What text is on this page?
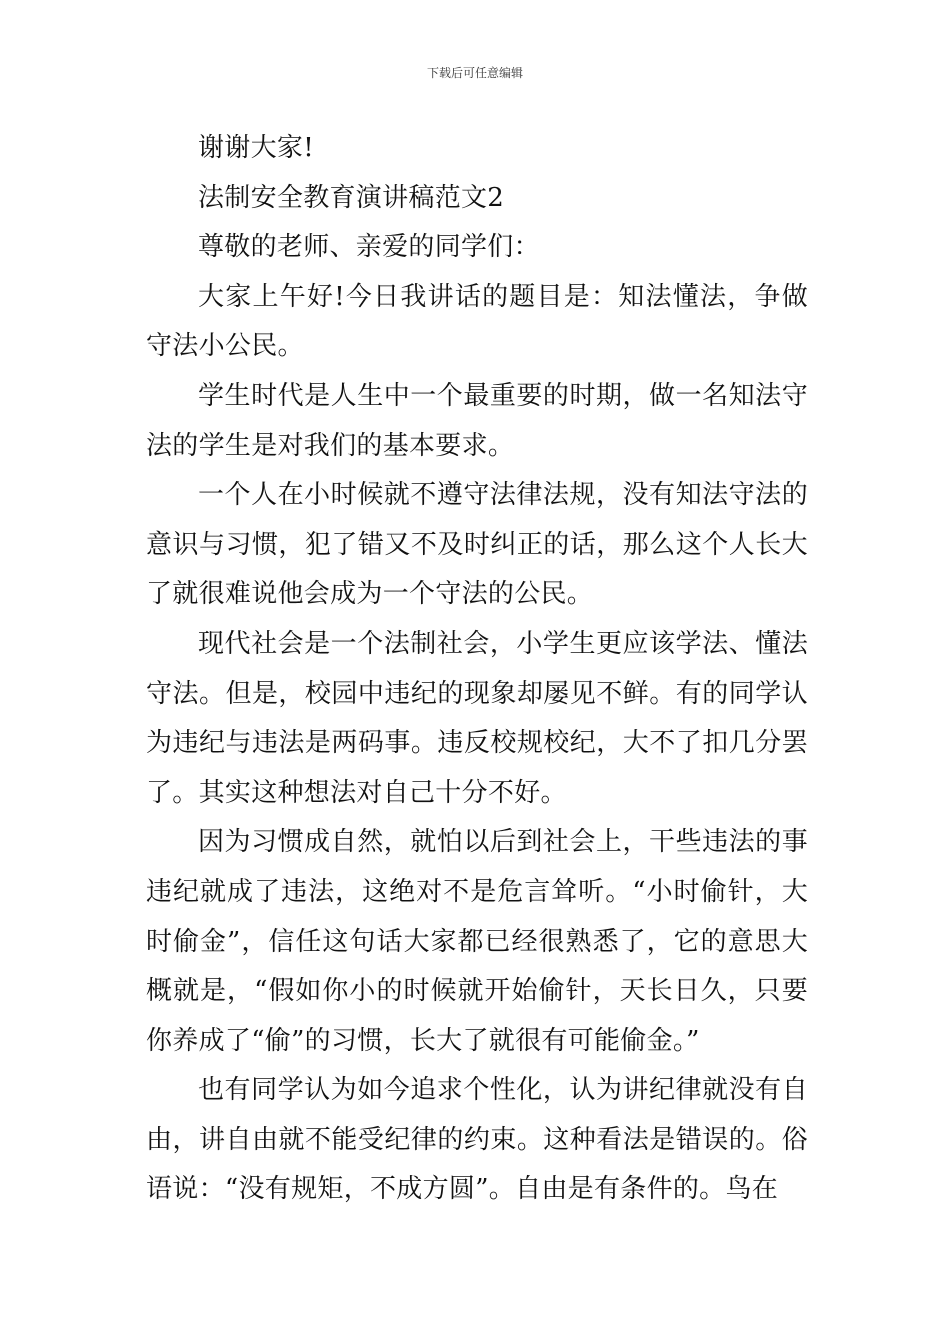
下载后可任意编辑

谢谢大家!

法制安全教育演讲稿范文2

尊敬的老师、亲爱的同学们：

大家上午好!今日我讲话的题目是：知法懂法，争做守法小公民。

学生时代是人生中一个最重要的时期，做一名知法守法的学生是对我们的基本要求。

一个人在小时候就不遵守法律法规，没有知法守法的意识与习惯，犯了错又不及时纠正的话，那么这个人长大了就很难说他会成为一个守法的公民。

现代社会是一个法制社会，小学生更应该学法、懂法守法。但是，校园中违纪的现象却屡见不鲜。有的同学认为违纪与违法是两码事。违反校规校纪，大不了扣几分罢了。其实这种想法对自己十分不好。

因为习惯成自然，就怕以后到社会上，干些违法的事违纪就成了违法，这绝对不是危言耸听。“小时偷针，大时偷金”，信任这句话大家都已经很熟悉了，它的意思大概就是，“假如你小的时候就开始偷针，天长日久，只要你养成了“偷”的习惯，长大了就很有可能偷金。”

也有同学认为如今追求个性化，认为讲纪律就没有自由，讲自由就不能受纪律的约束。这种看法是错误的。俗语说：“没有规矩，不成方圆”。自由是有条件的。鸟在
